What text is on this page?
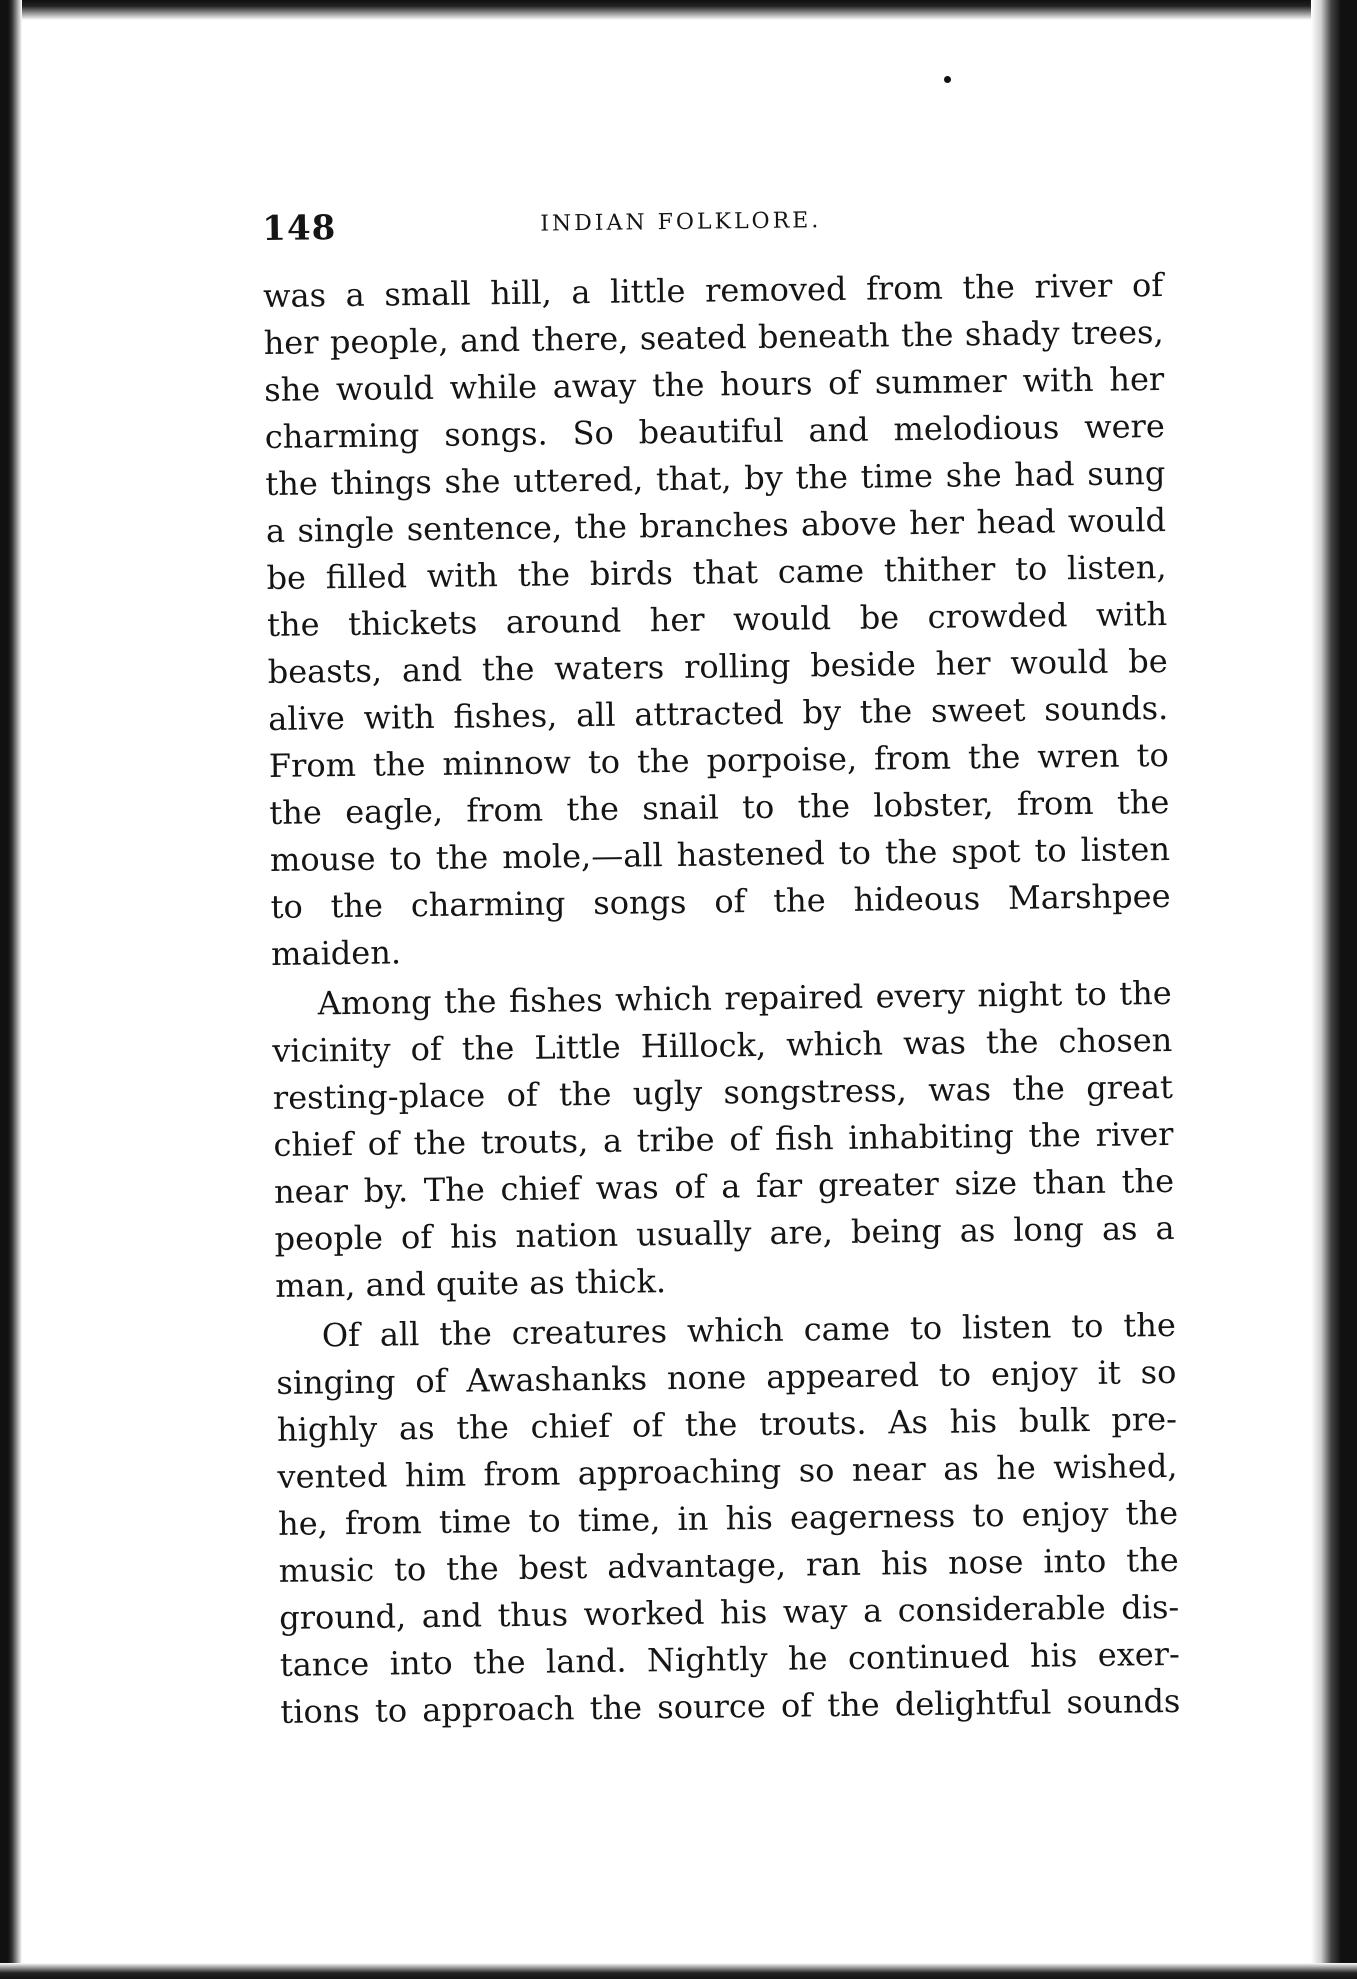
148	INDIAN FOLKLORE.
was a small hill, a little removed from the river of
her people, and there, seated beneath the shady trees,
she would while away the hours of summer with her
charming songs. So beautiful and melodious were
the things she uttered, that, by the time she had sung
a single sentence, the branches above her head would
be filled with the birds that came thither to listen,
the thickets around her would be crowded with
beasts, and the waters rolling beside her would be
alive with fishes, all attracted by the sweet sounds.
From the minnow to the porpoise, from the wren to
the eagle, from the snail to the lobster, from the
mouse to the mole,—all hastened to the spot to listen
to the charming songs of the hideous Marshpee
maiden.
Among the fishes which repaired every night to the
vicinity of the Little Hillock, which was the chosen
resting-place of the ugly songstress, was the great
chief of the trouts, a tribe of fish inhabiting the river
near by. The chief was of a far greater size than the
people of his nation usually are, being as long as a
man, and quite as thick.
Of all the creatures which came to listen to the
singing of Awashanks none appeared to enjoy it so
highly as the chief of the trouts. As his bulk pre-
vented him from approaching so near as he wished,
he, from time to time, in his eagerness to enjoy the
music to the best advantage, ran his nose into the
ground, and thus worked his way a considerable dis-
tance into the land. Nightly he continued his exer-
tions to approach the source of the delightful sounds
